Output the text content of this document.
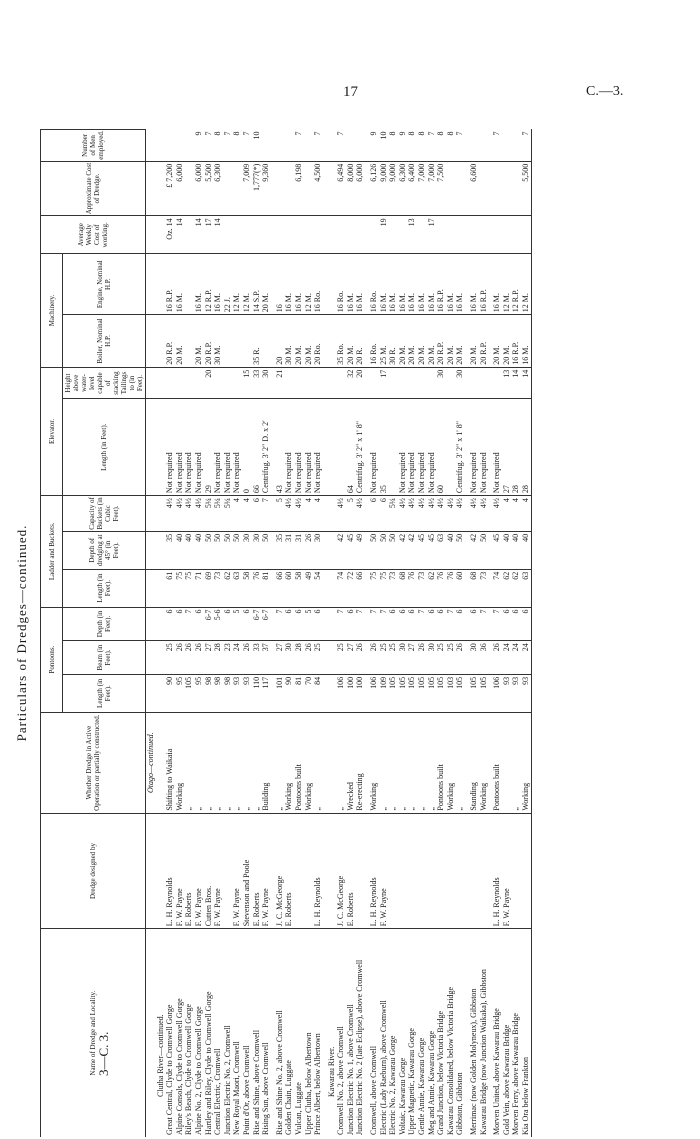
17	C.—3.
Particulars of Dredges—continued.
Name of Dredge and Locality.	Dredge designed by	Whether Dredge in Active Operation or partially constructed.	Pontoons.			Ladder and Buckets.			Elevator.		Machinery.		Average Weekly Cost of working.	Approximate Cost of Dredge.	Number of Men employed.
			Length (in Feet).	Beam (in Feet).	Depth (in Feet).	Length (in Feet).	Depth of dredging at 45° (in Feet).	Capacity of Buckets (in Cubic Feet).	Length (in Feet).	Height above water-level capable of stacking Tailings to (in Feet).	Boiler, Nominal H.P.	Engine, Nominal H.P.			
		Otago—continued.													
Clutha River—continued.															
Great Central, Clyde to Cromwell Gorge	L. H. Reynolds	Shifting to Waikaia	90	25	6	61	35	4½	Not required		20 R.P.	16 R.P.	Oz. 14	£ 7,200	
Alpine Consols, Clyde to Cromwell Gorge	F. W. Payne	Working	95	26	6	75	40	4½	Not required		20 M.	16 M.	14	6,000	
Riley's Beach, Clyde to Cromwell Gorge	E. Roberts	„	105	26	7	75	40	4½	Not required						
Alpine No. 2, Clyde to Cromwell Gorge	F. W. Payne	„	95	26	6	71	40	4½	Not required		20 M.	16 M.	14	6,000	9
Hartley and Riley, Clyde to Cromwell Gorge	Cutten Bros.	„	98	27	6-7	69	50	5¼	29	20	20 R.P.	12 R.P.	17	5,500	7
Central Electric, Cromwell	F. W. Payne	„	98	28	5-6	73	50	5¼	Not required		30 M.	16 M.	14	6,300	8
Junction Electric No. 2, Cromwell		„	98	23	6	62	50	5¼	Not required			22 J.			7
New Royal Maori, Cromwell	F. W. Payne	„	93	24	5	63	50	4	Not required			12 M.			8
Point d'Or, above Cromwell	Stevenson and Poole	„	93	26	6	58	30	4	0	15		12 M.		7,009	7
Rise and Shine, above Cromwell	E. Roberts	„	110	33	6-7	76	30	6	66	33	35 R.	14 S.P.		1,777(*)	10
Rising Sun, above Cromwell	F. W. Payne	Building	117	37	6-7	81	50	7	Centrifug. 3' 2" D. x 2'	30		20 M.		9,360	

Rise and Shine No. 2, above Cromwell	J. C. McGeorge	„	101	27	7	66	35	5	43	21	20	16			
Golden Chain, Luggate	E. Roberts	Working	90	30	6	60	31	4½	Not required		30 M.	16 M.			
Vulcan, Luggate		Pontoons built	81	28	6	58	31	4½	Not required		20 M.	16 M.		6,198	7
Upper Clutha, below Albertown		Working	70	26	5	49	26	4	Not required		20 M.	12 M.			
Prince Albert, below Albertown	L. H. Reynolds	„	84	25	6	54	30	4	Not required		20 Ro.	16 Ro.		4,500	7

Kawarau River.															
Cromwell No. 2, above Cromwell	J. C. McGeorge	„	106	25	7	74	42	4½			35 Ro.	16 Ro.		6,494	7
Junction Electric No. 1, above Cromwell	E. Roberts	Wrecked	100	27	6	72	45	5	64	32	20 M.	16 M.		8,000	
Junction Electric No. 2 (late Eclipse), above Cromwell		Re-erecting	100	26	7	66	49	4½	Centrifug. 3' 2" x 1' 8"	20	20 R.	16 M.		6,000	

Cromwell, above Cromwell	L. H. Reynolds	Working	106	26	7	75	50	6	Not required		16 Ro.	16 Ro.		6,126	9
Electric (Lady Raeburn), above Cromwell	F. W. Payne	„	109	25	7	75	50	6	35	17	25 M.	16 M.	19	9,000	10
Electric No. 2, Kawarau Gorge		„	105	25	6	73	50	5¼			30 R.	16 M.		9,000	8
Voltaic, Kawarau Gorge		„	105	30	6	68	42	4½	Not required		20 M.	16 M.		6,300	9
Upper Magnetic, Kawarau Gorge		„	105	27	6	76	42	4½	Not required		20 M.	16 M.	13	6,400	8
Gentle Annie, Kawarau Gorge		„	105	26	7	73	45	4½	Not required		20 M.	16 M.		7,000	8
Meg and Annie, Kawarau Gorge		„	105	30	6	62	45	4½	Not required		20 M.	16 M.	17	7,000	7
Grand Junction, below Victoria Bridge		Pontoons built	105	25	6	76	63	4½	60	30	20 R.P.	16 R.P.		7,500	8
Kawarau Consolidated, below Victoria Bridge		Working	103	25	7	76	40	4½			20 M.	16 M.			8
Gibbston, Gibbston		„	105	26	6	60	50	4½	Centrifug. 3' 2" x 1' 8"	30	20 M.	16 M.			7

Merrimac (now Golden Molyneux), Gibbston		Standing	105	30	6	68	42	4½	Not required		20 M.	16 M.		6,600	
Kawarau Bridge (now Junction Waikaka), Gibbston		Working	105	36	7	73	50	4½	Not required		20 R.P.	16 R.P.			

Morven United, above Kawarau Bridge	L. H. Reynolds	Pontoons built	106	26	7	74	45	4½	Not required		20 M.	16 M.			7
Gold Vein, above Kawarau Bridge	F. W. Payne		93	24	6	62	40	4	27	13	20 M.	12 M.			
Morven Ferry, above Kawarau Bridge		„	93	24	6	62	40	4	28	14	16 R.P.	12 R.P.			
Kia Ora below Frankton		Working	93	24	6	63	40	4	28	14	16 M.	12 M.		5,500	7
3—C. 3.
